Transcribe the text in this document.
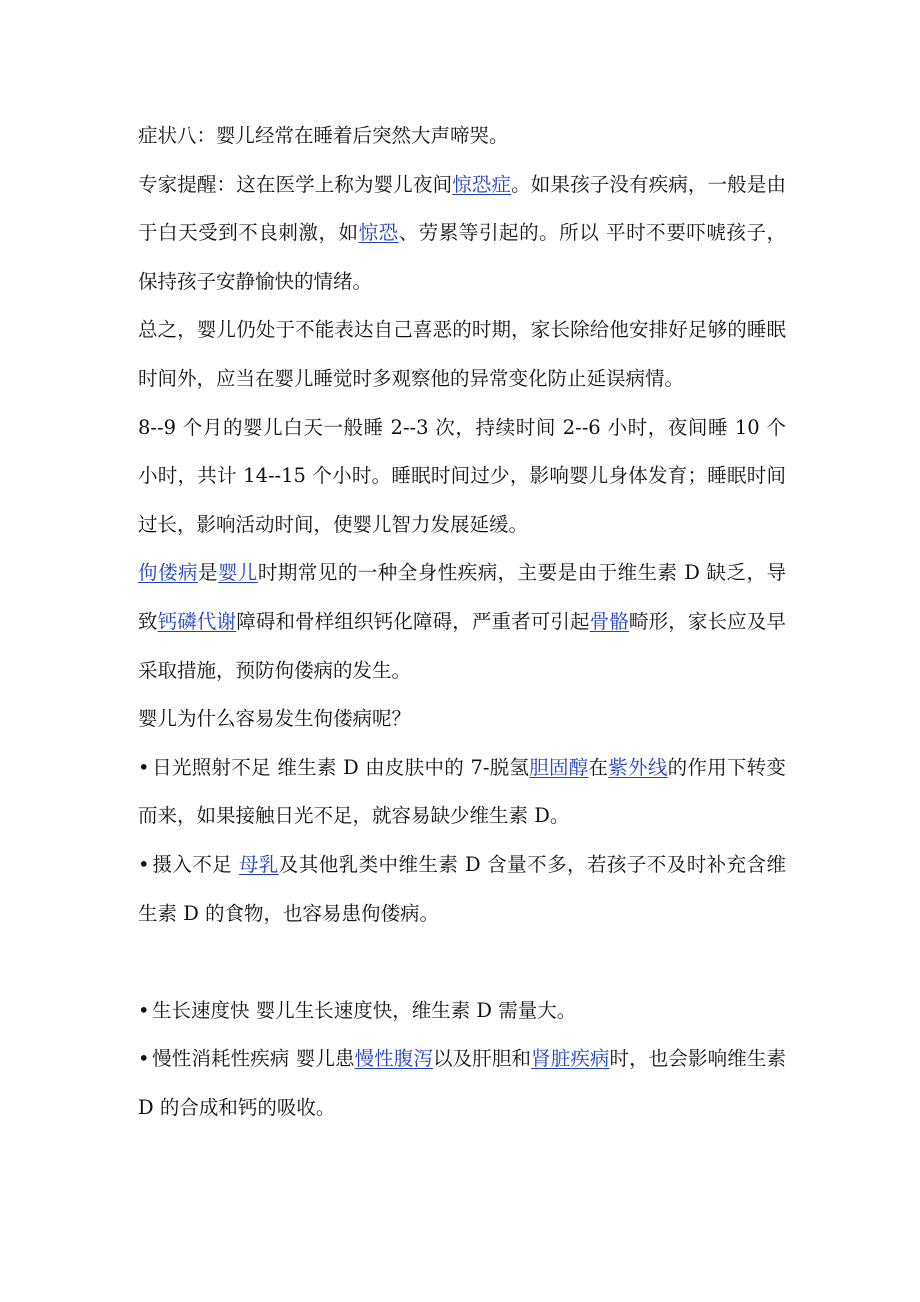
症状八：婴儿经常在睡着后突然大声啼哭。

专家提醒：这在医学上称为婴儿夜间惊恐症。如果孩子没有疾病，一般是由于白天受到不良刺激，如惊恐、劳累等引起的。所以 平时不要吓唬孩子，保持孩子安静愉快的情绪。

总之，婴儿仍处于不能表达自己喜恶的时期，家长除给他安排好足够的睡眠时间外，应当在婴儿睡觉时多观察他的异常变化防止延误病情。

8--9 个月的婴儿白天一般睡 2--3 次，持续时间 2--6 小时，夜间睡 10 个小时，共计 14--15 个小时。睡眠时间过少，影响婴儿身体发育；睡眠时间过长，影响活动时间，使婴儿智力发展延缓。

佝偻病是婴儿时期常见的一种全身性疾病，主要是由于维生素 D 缺乏，导致钙磷代谢障碍和骨样组织钙化障碍，严重者可引起骨骼畸形，家长应及早采取措施，预防佝偻病的发生。

婴儿为什么容易发生佝偻病呢？

• 日光照射不足 维生素 D 由皮肤中的 7-脱氢胆固醇在紫外线的作用下转变而来，如果接触日光不足，就容易缺少维生素 D。

• 摄入不足 母乳及其他乳类中维生素 D 含量不多，若孩子不及时补充含维生素 D 的食物，也容易患佝偻病。

• 生长速度快 婴儿生长速度快，维生素 D 需量大。

• 慢性消耗性疾病 婴儿患慢性腹泻以及肝胆和肾脏疾病时，也会影响维生素 D 的合成和钙的吸收。
